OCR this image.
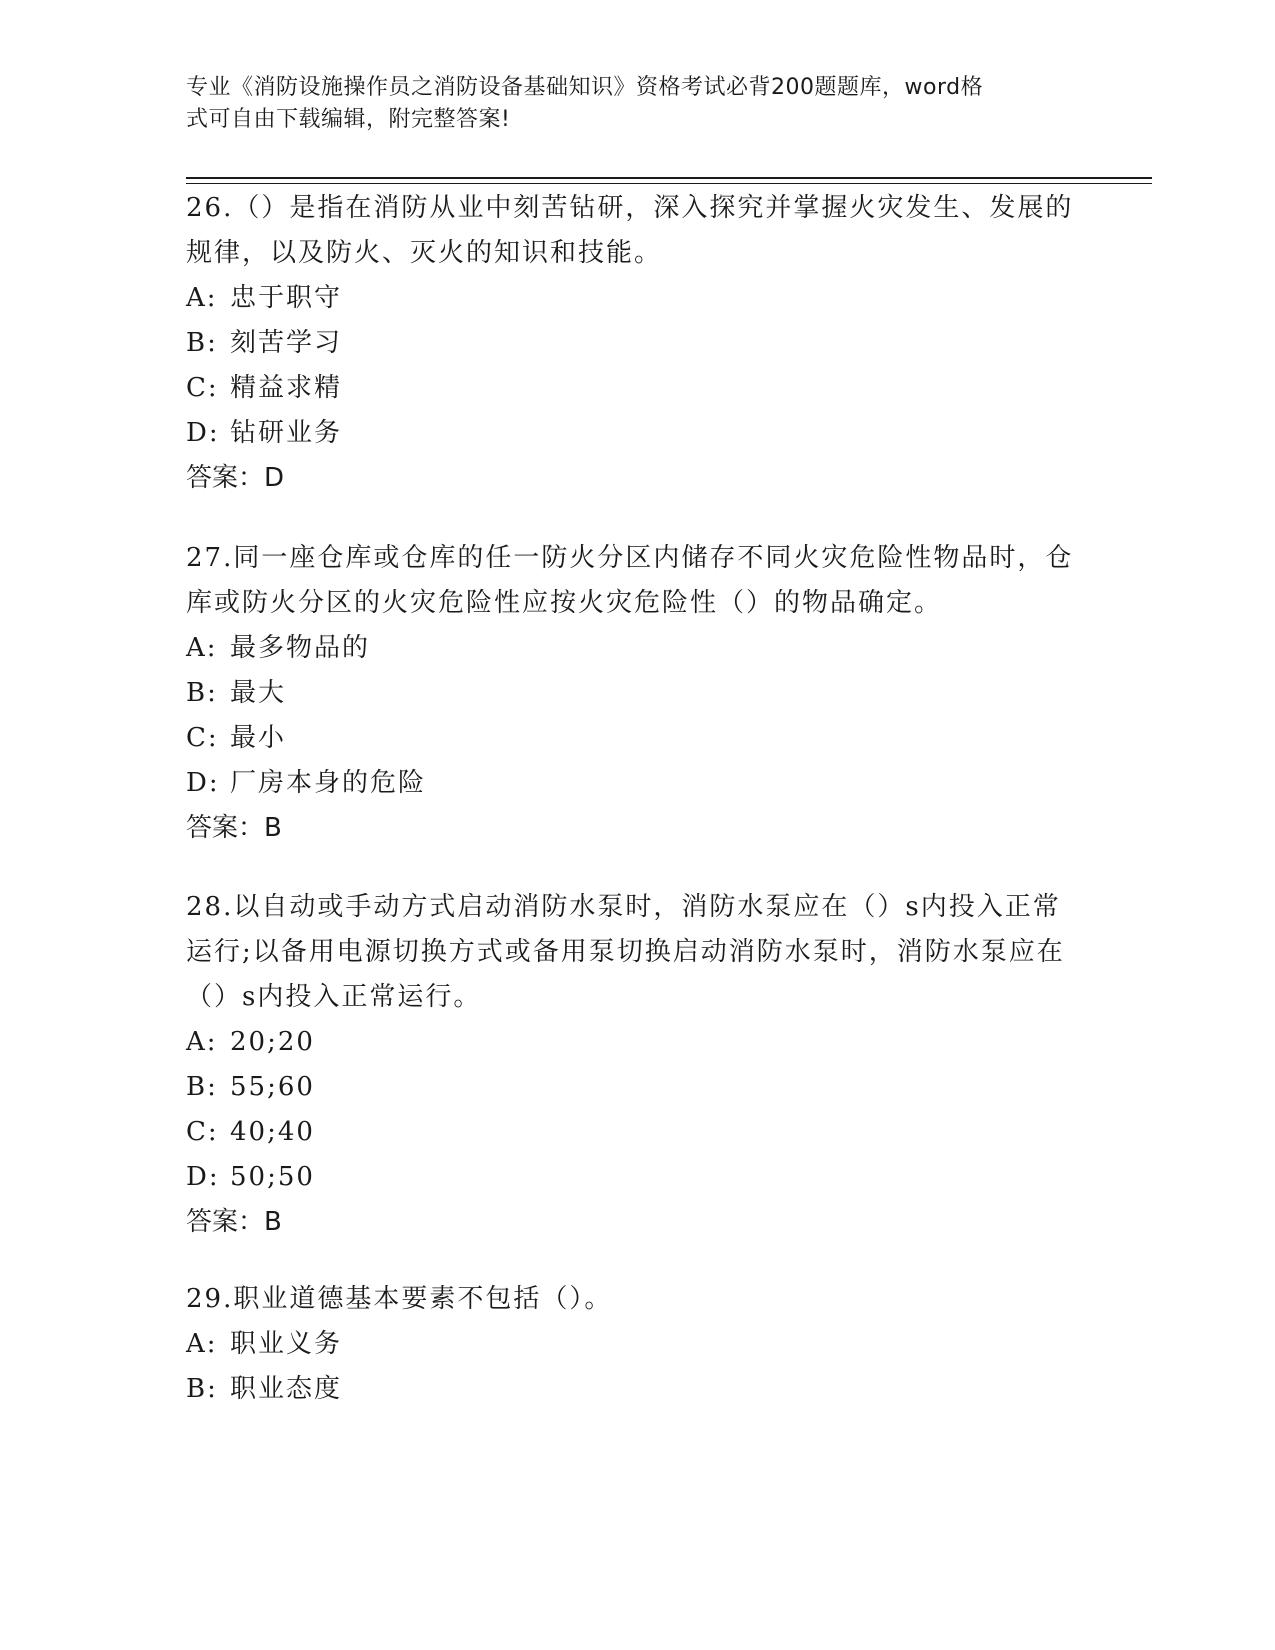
专业《消防设施操作员之消防设备基础知识》资格考试必背200题题库，word格
式可自由下载编辑，附完整答案!

26.（）是指在消防从业中刻苦钻研，深入探究并掌握火灾发生、发展的规律，以及防火、灭火的知识和技能。

A: 忠于职守

B: 刻苦学习

C: 精益求精

D: 钻研业务

答案：D

27.同一座仓库或仓库的任一防火分区内储存不同火灾危险性物品时，仓库或防火分区的火灾危险性应按火灾危险性（）的物品确定。

A: 最多物品的

B: 最大

C: 最小

D: 厂房本身的危险

答案：B

28.以自动或手动方式启动消防水泵时，消防水泵应在（）s内投入正常运行;以备用电源切换方式或备用泵切换启动消防水泵时，消防水泵应在（）s内投入正常运行。

A: 20;20

B: 55;60

C: 40;40

D: 50;50

答案：B

29.职业道德基本要素不包括（）。

A: 职业义务

B: 职业态度
